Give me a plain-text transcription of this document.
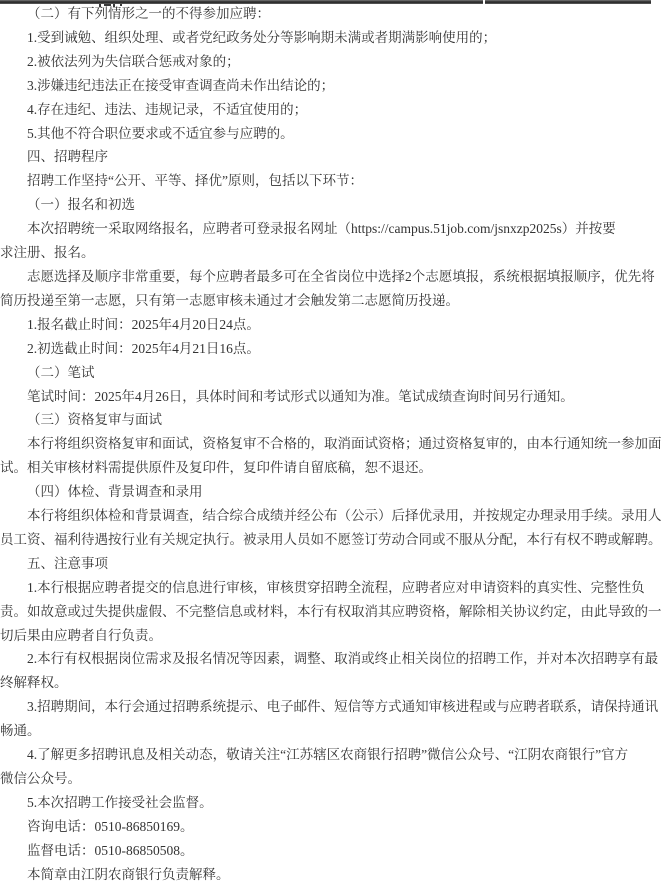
（二）有下列情形之一的不得参加应聘：
1.受到诫勉、组织处理、或者党纪政务处分等影响期未满或者期满影响使用的；
2.被依法列为失信联合惩戒对象的；
3.涉嫌违纪违法正在接受审查调查尚未作出结论的；
4.存在违纪、违法、违规记录，不适宜使用的；
5.其他不符合职位要求或不适宜参与应聘的。
四、招聘程序
招聘工作坚持“公开、平等、择优”原则，包括以下环节：
（一）报名和初选
本次招聘统一采取网络报名，应聘者可登录报名网址（https://campus.51job.com/jsnxzp2025s）并按要
求注册、报名。
志愿选择及顺序非常重要，每个应聘者最多可在全省岗位中选择2个志愿填报，系统根据填报顺序，优先将
简历投递至第一志愿，只有第一志愿审核未通过才会触发第二志愿简历投递。
1.报名截止时间：2025年4月20日24点。
2.初选截止时间：2025年4月21日16点。
（二）笔试
笔试时间：2025年4月26日，具体时间和考试形式以通知为准。笔试成绩查询时间另行通知。
（三）资格复审与面试
本行将组织资格复审和面试，资格复审不合格的，取消面试资格；通过资格复审的，由本行通知统一参加面
试。相关审核材料需提供原件及复印件，复印件请自留底稿，恕不退还。
（四）体检、背景调查和录用
本行将组织体检和背景调查，结合综合成绩并经公布（公示）后择优录用，并按规定办理录用手续。录用人
员工资、福利待遇按行业有关规定执行。被录用人员如不愿签订劳动合同或不服从分配，本行有权不聘或解聘。
五、注意事项
1.本行根据应聘者提交的信息进行审核，审核贯穿招聘全流程，应聘者应对申请资料的真实性、完整性负
责。如故意或过失提供虚假、不完整信息或材料，本行有权取消其应聘资格，解除相关协议约定，由此导致的一
切后果由应聘者自行负责。
2.本行有权根据岗位需求及报名情况等因素，调整、取消或终止相关岗位的招聘工作，并对本次招聘享有最
终解释权。
3.招聘期间，本行会通过招聘系统提示、电子邮件、短信等方式通知审核进程或与应聘者联系，请保持通讯
畅通。
4.了解更多招聘讯息及相关动态，敬请关注“江苏辖区农商银行招聘”微信公众号、“江阴农商银行”官方
微信公众号。
5.本次招聘工作接受社会监督。
咨询电话：0510-86850169。
监督电话：0510-86850508。
本简章由江阴农商银行负责解释。
